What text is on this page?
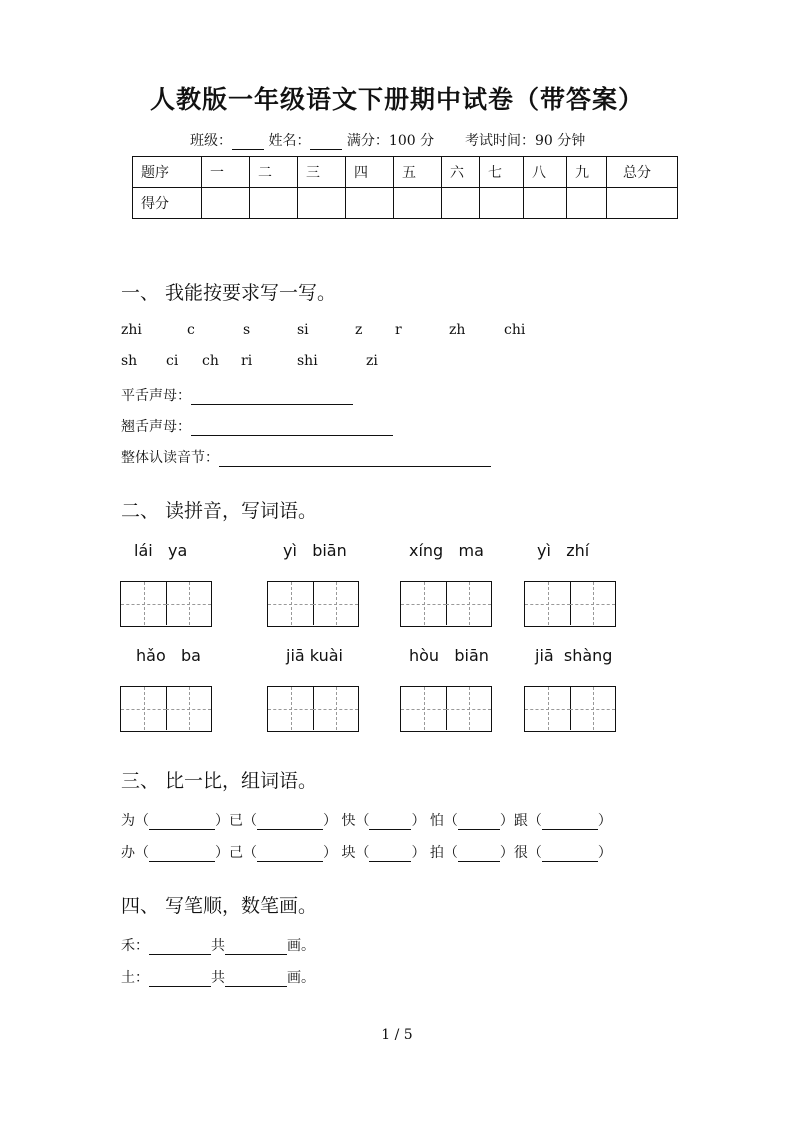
人教版一年级语文下册期中试卷（带答案）
班级：	姓名：	满分：100 分 考试时间：90 分钟
题序	一	二	三	四	五	六	七	八	九	总分
得分										
一、 我能按要求写一写。
zhi	c	s	si	z r	zh	chi
sh ci ch ri	shi	zi
平舌声母：
翘舌声母：
整体认读音节：
二、 读拼音，写词语。
lái ya	yì biān	xíng ma	yì zhí
hǎo ba	jiā kuài	hòu biān	jiā shàng
三、 比一比，组词语。
为（	）已（	） 快（	） 怕（	）跟（	）
办（	）己（	） 块（	） 拍（	）很（	）
四、 写笔顺，数笔画。
禾：	共	画。
土：	共	画。
1 / 5
